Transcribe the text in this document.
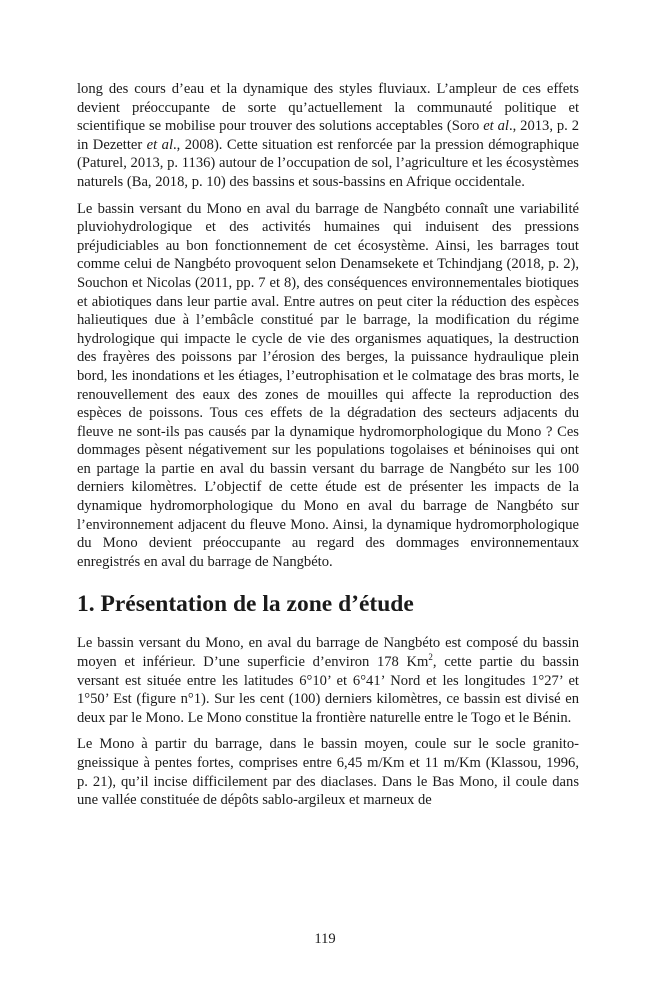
long des cours d’eau et la dynamique des styles fluviaux. L’ampleur de ces effets devient préoccupante de sorte qu’actuellement la communauté politique et scientifique se mobilise pour trouver des solutions acceptables (Soro et al., 2013, p. 2 in Dezetter et al., 2008). Cette situation est renforcée par la pression démographique (Paturel, 2013, p. 1136) autour de l’occupation de sol, l’agriculture et les écosystèmes naturels (Ba, 2018, p. 10) des bassins et sous-bassins en Afrique occidentale.

Le bassin versant du Mono en aval du barrage de Nangbéto connaît une variabilité pluviohydrologique et des activités humaines qui induisent des pressions préjudiciables au bon fonctionnement de cet écosystème. Ainsi, les barrages tout comme celui de Nangbéto provoquent selon Denamsekete et Tchindjang (2018, p. 2), Souchon et Nicolas (2011, pp. 7 et 8), des conséquences environnementales biotiques et abiotiques dans leur partie aval. Entre autres on peut citer la réduction des espèces halieutiques due à l’embâcle constitué par le barrage, la modification du régime hydrologique qui impacte le cycle de vie des organismes aquatiques, la destruction des frayères des poissons par l’érosion des berges, la puissance hydraulique plein bord, les inondations et les étiages, l’eutrophisation et le colmatage des bras morts, le renouvellement des eaux des zones de mouilles qui affecte la reproduction des espèces de poissons. Tous ces effets de la dégradation des secteurs adjacents du fleuve ne sont-ils pas causés par la dynamique hydromorphologique du Mono ? Ces dommages pèsent négativement sur les populations togolaises et béninoises qui ont en partage la partie en aval du bassin versant du barrage de Nangbéto sur les 100 derniers kilomètres. L’objectif de cette étude est de présenter les impacts de la dynamique hydromorphologique du Mono en aval du barrage de Nangbéto sur l’environnement adjacent du fleuve Mono. Ainsi, la dynamique hydromorphologique du Mono devient préoccupante au regard des dommages environnementaux enregistrés en aval du barrage de Nangbéto.

1. Présentation de la zone d’étude

Le bassin versant du Mono, en aval du barrage de Nangbéto est composé du bassin moyen et inférieur. D’une superficie d’environ 178 Km$^2$, cette partie du bassin versant est située entre les latitudes 6°10’ et 6°41’ Nord et les longitudes 1°27’ et 1°50’ Est (figure n°1). Sur les cent (100) derniers kilomètres, ce bassin est divisé en deux par le Mono. Le Mono constitue la frontière naturelle entre le Togo et le Bénin.

Le Mono à partir du barrage, dans le bassin moyen, coule sur le socle granito-gneissique à pentes fortes, comprises entre 6,45 m/Km et 11 m/Km (Klassou, 1996, p. 21), qu’il incise difficilement par des diaclases. Dans le Bas Mono, il coule dans une vallée constituée de dépôts sablo-argileux et marneux de

119
